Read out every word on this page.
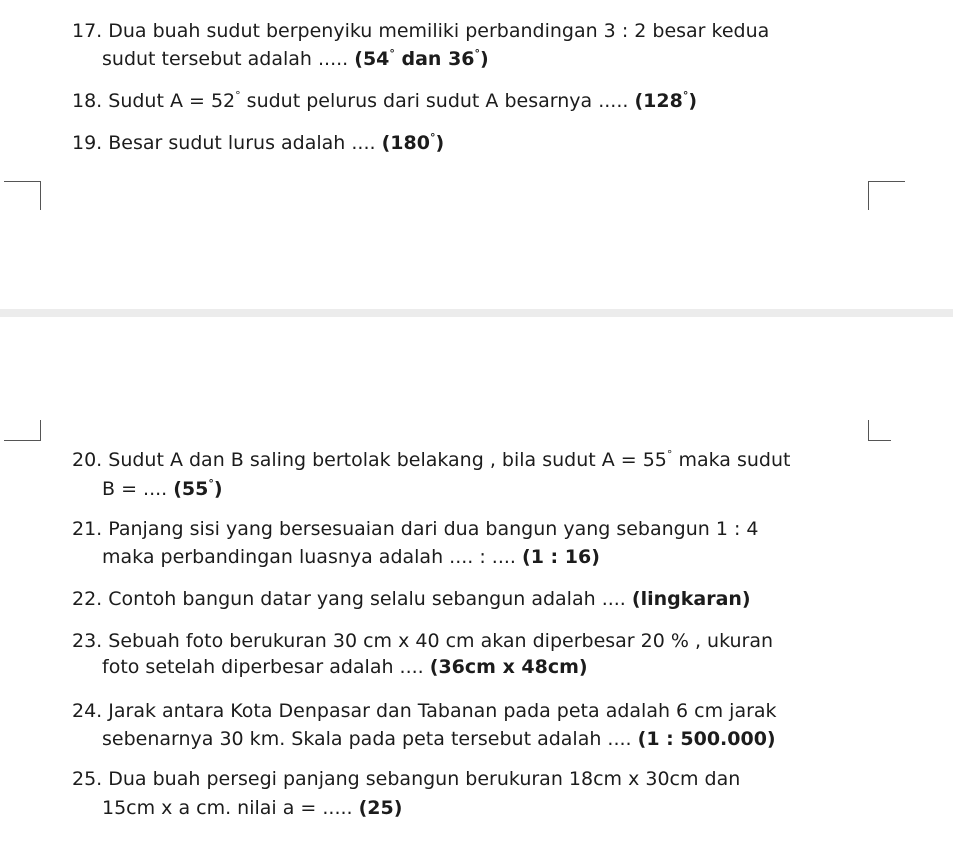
17. Dua buah sudut berpenyiku memiliki perbandingan 3 : 2 besar kedua
sudut tersebut adalah ..... (54° dan 36°)
18. Sudut A = 52° sudut pelurus dari sudut A besarnya ..... (128°)
19. Besar sudut lurus adalah .... (180°)
20. Sudut A dan B saling bertolak belakang , bila sudut A = 55° maka sudut
B = .... (55°)
21. Panjang sisi yang bersesuaian dari dua bangun yang sebangun 1 : 4
maka perbandingan luasnya adalah .... : .... (1 : 16)
22. Contoh bangun datar yang selalu sebangun adalah .... (lingkaran)
23. Sebuah foto berukuran 30 cm x 40 cm akan diperbesar 20 % , ukuran
foto setelah diperbesar adalah .... (36cm x 48cm)
24. Jarak antara Kota Denpasar dan Tabanan pada peta adalah 6 cm jarak
sebenarnya 30 km. Skala pada peta tersebut adalah .... (1 : 500.000)
25. Dua buah persegi panjang sebangun berukuran 18cm x 30cm dan
15cm x a cm. nilai a = ..... (25)
